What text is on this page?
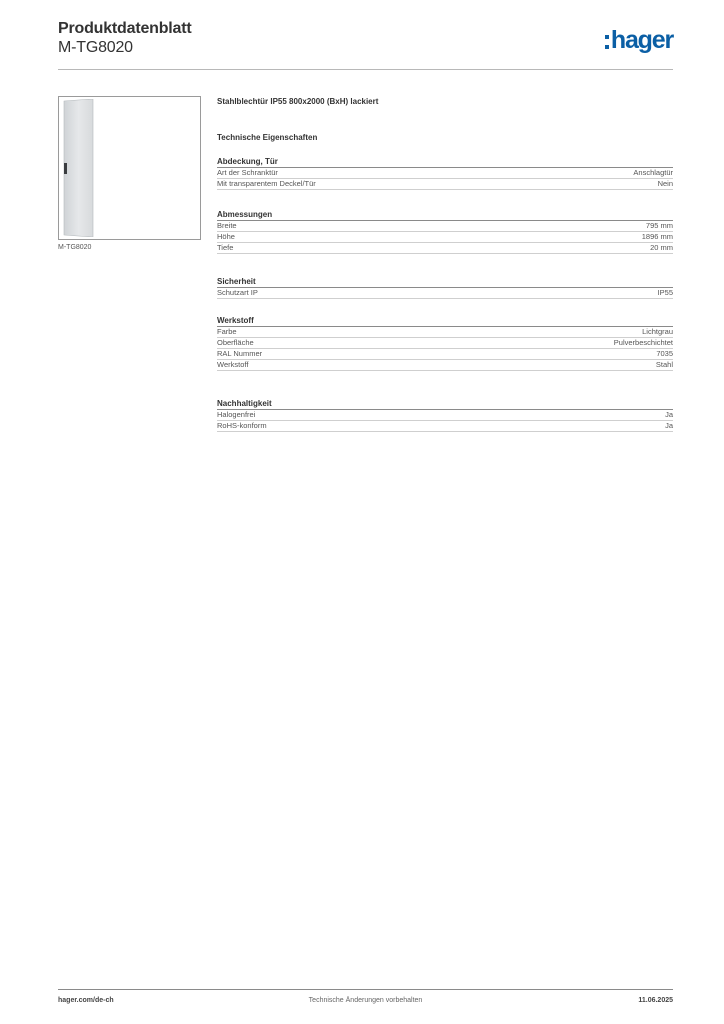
Produktdatenblatt
M-TG8020	hager
M-TG8020
Stahlblechtür IP55 800x2000 (BxH) lackiert
Technische Eigenschaften
Abdeckung, Tür
Art der Schranktür	Anschlagtür
Mit transparentem Deckel/Tür	Nein
Abmessungen
Breite	795 mm
Höhe	1896 mm
Tiefe	20 mm
Sicherheit
Schutzart IP	IP55
Werkstoff
Farbe	Lichtgrau
Oberfläche	Pulverbeschichtet
RAL Nummer	7035
Werkstoff	Stahl
Nachhaltigkeit
Halogenfrei	Ja
RoHS-konform	Ja
hager.com/de-ch	Technische Änderungen vorbehalten	11.06.2025
